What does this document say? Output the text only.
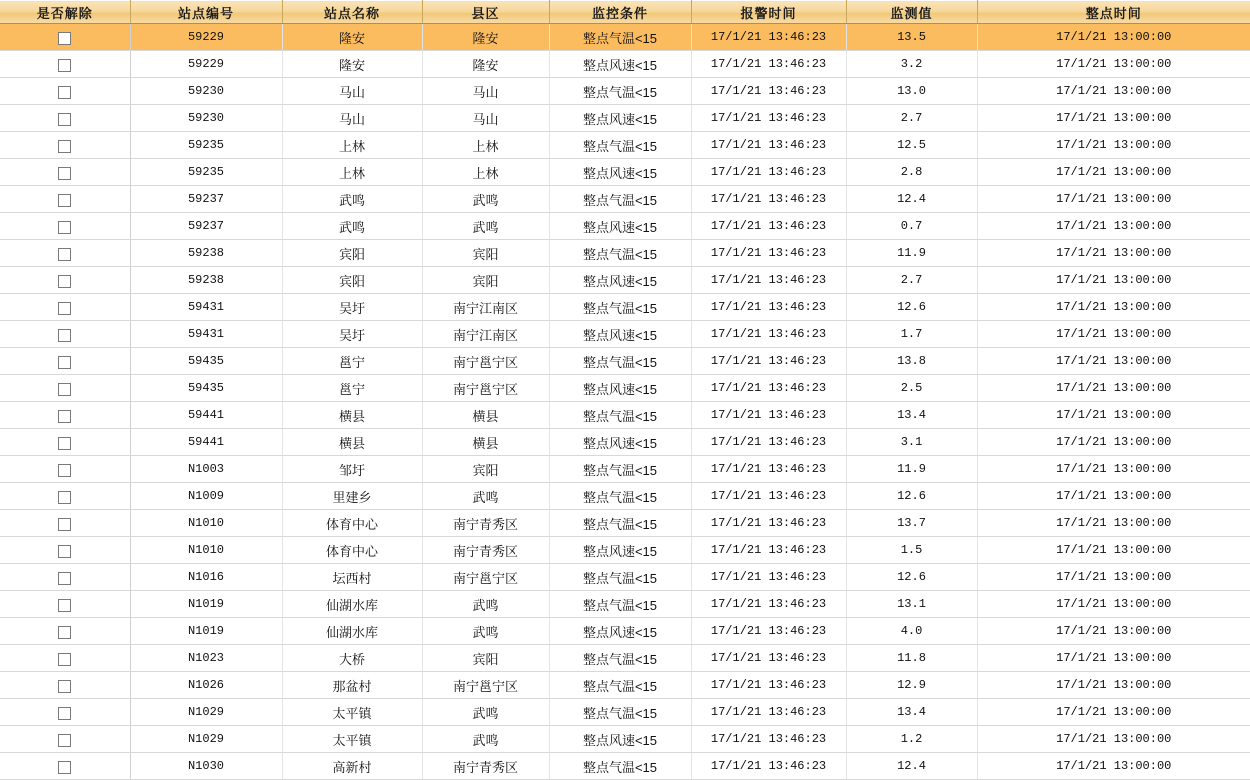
是否解除	站点编号	站点名称	县区	监控条件	报警时间	监测值	整点时间
	59229	隆安	隆安	整点气温<15	17/1/21 13:46:23	13.5	17/1/21 13:00:00
	59229	隆安	隆安	整点风速<15	17/1/21 13:46:23	3.2	17/1/21 13:00:00
	59230	马山	马山	整点气温<15	17/1/21 13:46:23	13.0	17/1/21 13:00:00
	59230	马山	马山	整点风速<15	17/1/21 13:46:23	2.7	17/1/21 13:00:00
	59235	上林	上林	整点气温<15	17/1/21 13:46:23	12.5	17/1/21 13:00:00
	59235	上林	上林	整点风速<15	17/1/21 13:46:23	2.8	17/1/21 13:00:00
	59237	武鸣	武鸣	整点气温<15	17/1/21 13:46:23	12.4	17/1/21 13:00:00
	59237	武鸣	武鸣	整点风速<15	17/1/21 13:46:23	0.7	17/1/21 13:00:00
	59238	宾阳	宾阳	整点气温<15	17/1/21 13:46:23	11.9	17/1/21 13:00:00
	59238	宾阳	宾阳	整点风速<15	17/1/21 13:46:23	2.7	17/1/21 13:00:00
	59431	吴圩	南宁江南区	整点气温<15	17/1/21 13:46:23	12.6	17/1/21 13:00:00
	59431	吴圩	南宁江南区	整点风速<15	17/1/21 13:46:23	1.7	17/1/21 13:00:00
	59435	邕宁	南宁邕宁区	整点气温<15	17/1/21 13:46:23	13.8	17/1/21 13:00:00
	59435	邕宁	南宁邕宁区	整点风速<15	17/1/21 13:46:23	2.5	17/1/21 13:00:00
	59441	横县	横县	整点气温<15	17/1/21 13:46:23	13.4	17/1/21 13:00:00
	59441	横县	横县	整点风速<15	17/1/21 13:46:23	3.1	17/1/21 13:00:00
	N1003	邹圩	宾阳	整点气温<15	17/1/21 13:46:23	11.9	17/1/21 13:00:00
	N1009	里建乡	武鸣	整点气温<15	17/1/21 13:46:23	12.6	17/1/21 13:00:00
	N1010	体育中心	南宁青秀区	整点气温<15	17/1/21 13:46:23	13.7	17/1/21 13:00:00
	N1010	体育中心	南宁青秀区	整点风速<15	17/1/21 13:46:23	1.5	17/1/21 13:00:00
	N1016	坛西村	南宁邕宁区	整点气温<15	17/1/21 13:46:23	12.6	17/1/21 13:00:00
	N1019	仙湖水库	武鸣	整点气温<15	17/1/21 13:46:23	13.1	17/1/21 13:00:00
	N1019	仙湖水库	武鸣	整点风速<15	17/1/21 13:46:23	4.0	17/1/21 13:00:00
	N1023	大桥	宾阳	整点气温<15	17/1/21 13:46:23	11.8	17/1/21 13:00:00
	N1026	那盆村	南宁邕宁区	整点气温<15	17/1/21 13:46:23	12.9	17/1/21 13:00:00
	N1029	太平镇	武鸣	整点气温<15	17/1/21 13:46:23	13.4	17/1/21 13:00:00
	N1029	太平镇	武鸣	整点风速<15	17/1/21 13:46:23	1.2	17/1/21 13:00:00
	N1030	高新村	南宁青秀区	整点气温<15	17/1/21 13:46:23	12.4	17/1/21 13:00:00
